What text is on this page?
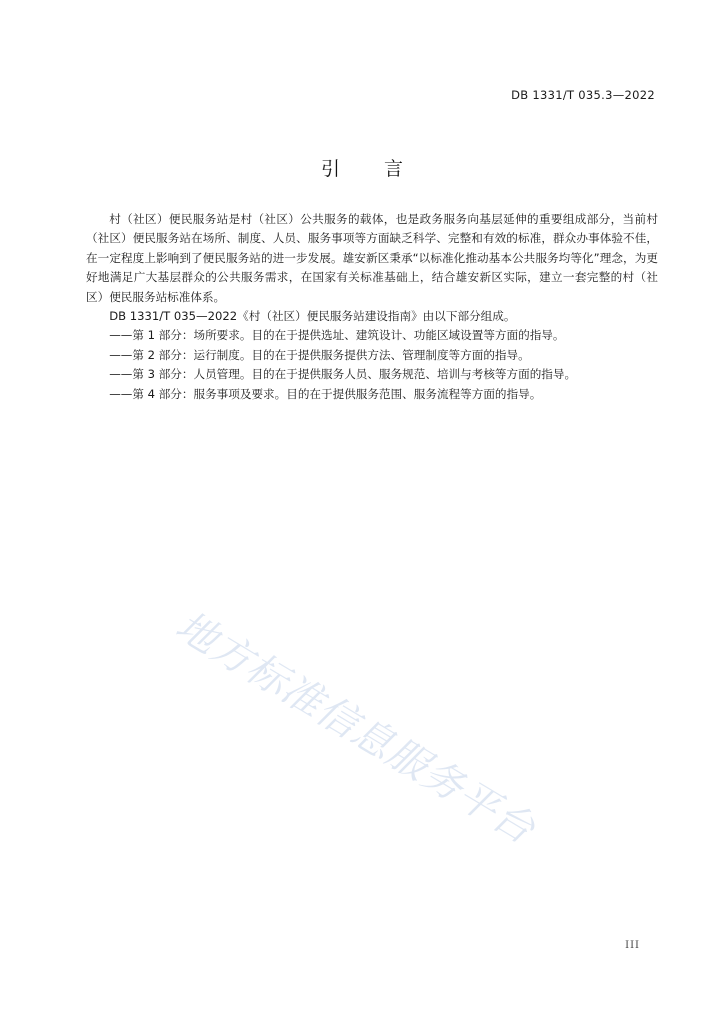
DB 1331/T 035.3—2022
引言

村（社区）便民服务站是村（社区）公共服务的载体，也是政务服务向基层延伸的重要组成部分，当前村（社区）便民服务站在场所、制度、人员、服务事项等方面缺乏科学、完整和有效的标准，群众办事体验不佳，在一定程度上影响到了便民服务站的进一步发展。雄安新区秉承“以标准化推动基本公共服务均等化”理念，为更好地满足广大基层群众的公共服务需求，在国家有关标准基础上，结合雄安新区实际，建立一套完整的村（社区）便民服务站标准体系。

DB 1331/T 035—2022《村（社区）便民服务站建设指南》由以下部分组成。

——第 1 部分：场所要求。目的在于提供选址、建筑设计、功能区域设置等方面的指导。

——第 2 部分：运行制度。目的在于提供服务提供方法、管理制度等方面的指导。

——第 3 部分：人员管理。目的在于提供服务人员、服务规范、培训与考核等方面的指导。

——第 4 部分：服务事项及要求。目的在于提供服务范围、服务流程等方面的指导。

地方标准信息服务平台
III
